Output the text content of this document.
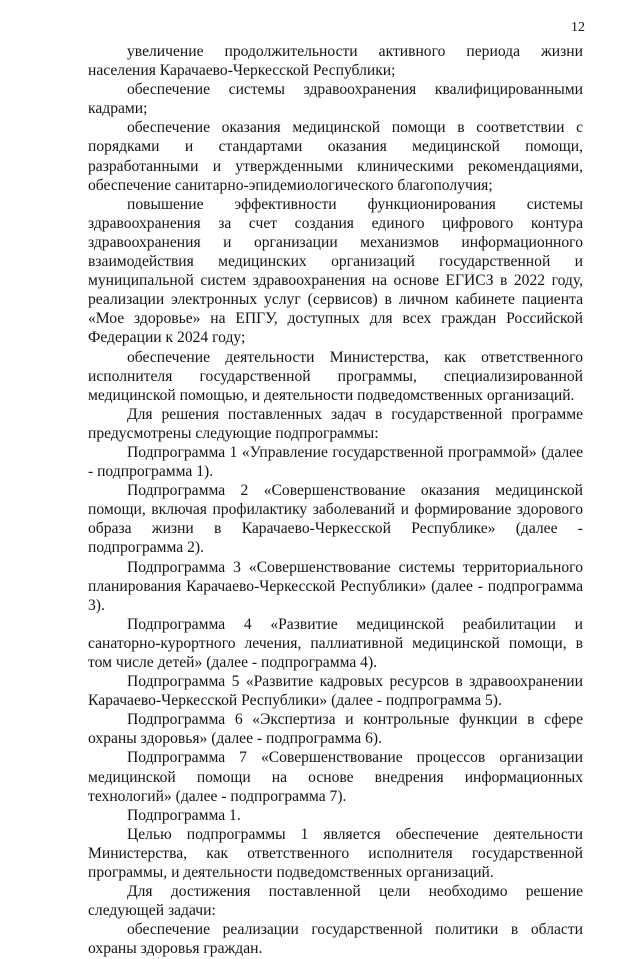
12

увеличение продолжительности активного периода жизни населения Карачаево-Черкесской Республики;

обеспечение системы здравоохранения квалифицированными кадрами;

обеспечение оказания медицинской помощи в соответствии с порядками и стандартами оказания медицинской помощи, разработанными и утвержденными клиническими рекомендациями, обеспечение санитарно-эпидемиологического благополучия;

повышение эффективности функционирования системы здравоохранения за счет создания единого цифрового контура здравоохранения и организации механизмов информационного взаимодействия медицинских организаций государственной и муниципальной систем здравоохранения на основе ЕГИСЗ в 2022 году, реализации электронных услуг (сервисов) в личном кабинете пациента «Мое здоровье» на ЕПГУ, доступных для всех граждан Российской Федерации к 2024 году;

обеспечение деятельности Министерства, как ответственного исполнителя государственной программы, специализированной медицинской помощью, и деятельности подведомственных организаций.

Для решения поставленных задач в государственной программе предусмотрены следующие подпрограммы:

Подпрограмма 1 «Управление государственной программой» (далее - подпрограмма 1).

Подпрограмма 2 «Совершенствование оказания медицинской помощи, включая профилактику заболеваний и формирование здорового образа жизни в Карачаево-Черкесской Республике» (далее - подпрограмма 2).

Подпрограмма 3 «Совершенствование системы территориального планирования Карачаево-Черкесской Республики» (далее - подпрограмма 3).

Подпрограмма 4 «Развитие медицинской реабилитации и санаторно-курортного лечения, паллиативной медицинской помощи, в том числе детей» (далее - подпрограмма 4).

Подпрограмма 5 «Развитие кадровых ресурсов в здравоохранении Карачаево-Черкесской Республики» (далее - подпрограмма 5).

Подпрограмма 6 «Экспертиза и контрольные функции в сфере охраны здоровья» (далее - подпрограмма 6).

Подпрограмма 7 «Совершенствование процессов организации медицинской помощи на основе внедрения информационных технологий» (далее - подпрограмма 7).

Подпрограмма 1.

Целью подпрограммы 1 является обеспечение деятельности Министерства, как ответственного исполнителя государственной программы, и деятельности подведомственных организаций.

Для достижения поставленной цели необходимо решение следующей задачи:

обеспечение реализации государственной политики в области охраны здоровья граждан.
